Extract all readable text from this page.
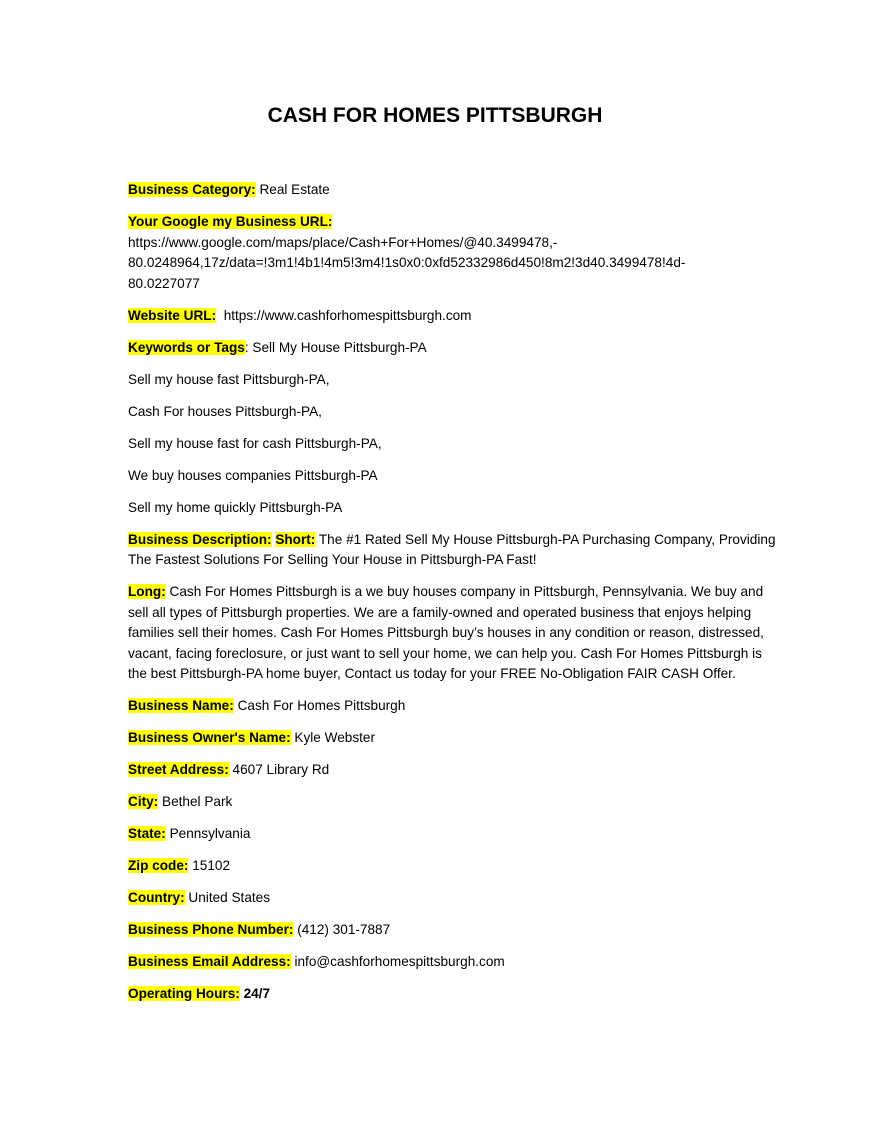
CASH FOR HOMES PITTSBURGH

Business Category: Real Estate

Your Google my Business URL:
https://www.google.com/maps/place/Cash+For+Homes/@40.3499478,-
80.0248964,17z/data=!3m1!4b1!4m5!3m4!1s0x0:0xfd52332986d450!8m2!3d40.3499478!4d-
80.0227077

Website URL: https://www.cashforhomespittsburgh.com

Keywords or Tags: Sell My House Pittsburgh-PA

Sell my house fast Pittsburgh-PA,

Cash For houses Pittsburgh-PA,

Sell my house fast for cash Pittsburgh-PA,

We buy houses companies Pittsburgh-PA

Sell my home quickly Pittsburgh-PA

Business Description: Short: The #1 Rated Sell My House Pittsburgh-PA Purchasing Company, Providing The Fastest Solutions For Selling Your House in Pittsburgh-PA Fast!

Long: Cash For Homes Pittsburgh is a we buy houses company in Pittsburgh, Pennsylvania. We buy and sell all types of Pittsburgh properties. We are a family-owned and operated business that enjoys helping families sell their homes. Cash For Homes Pittsburgh buy’s houses in any condition or reason, distressed, vacant, facing foreclosure, or just want to sell your home, we can help you. Cash For Homes Pittsburgh is the best Pittsburgh-PA home buyer, Contact us today for your FREE No-Obligation FAIR CASH Offer.

Business Name: Cash For Homes Pittsburgh

Business Owner's Name: Kyle Webster

Street Address: 4607 Library Rd

City: Bethel Park

State: Pennsylvania

Zip code: 15102

Country: United States

Business Phone Number: (412) 301-7887

Business Email Address: info@cashforhomespittsburgh.com

Operating Hours: 24/7
